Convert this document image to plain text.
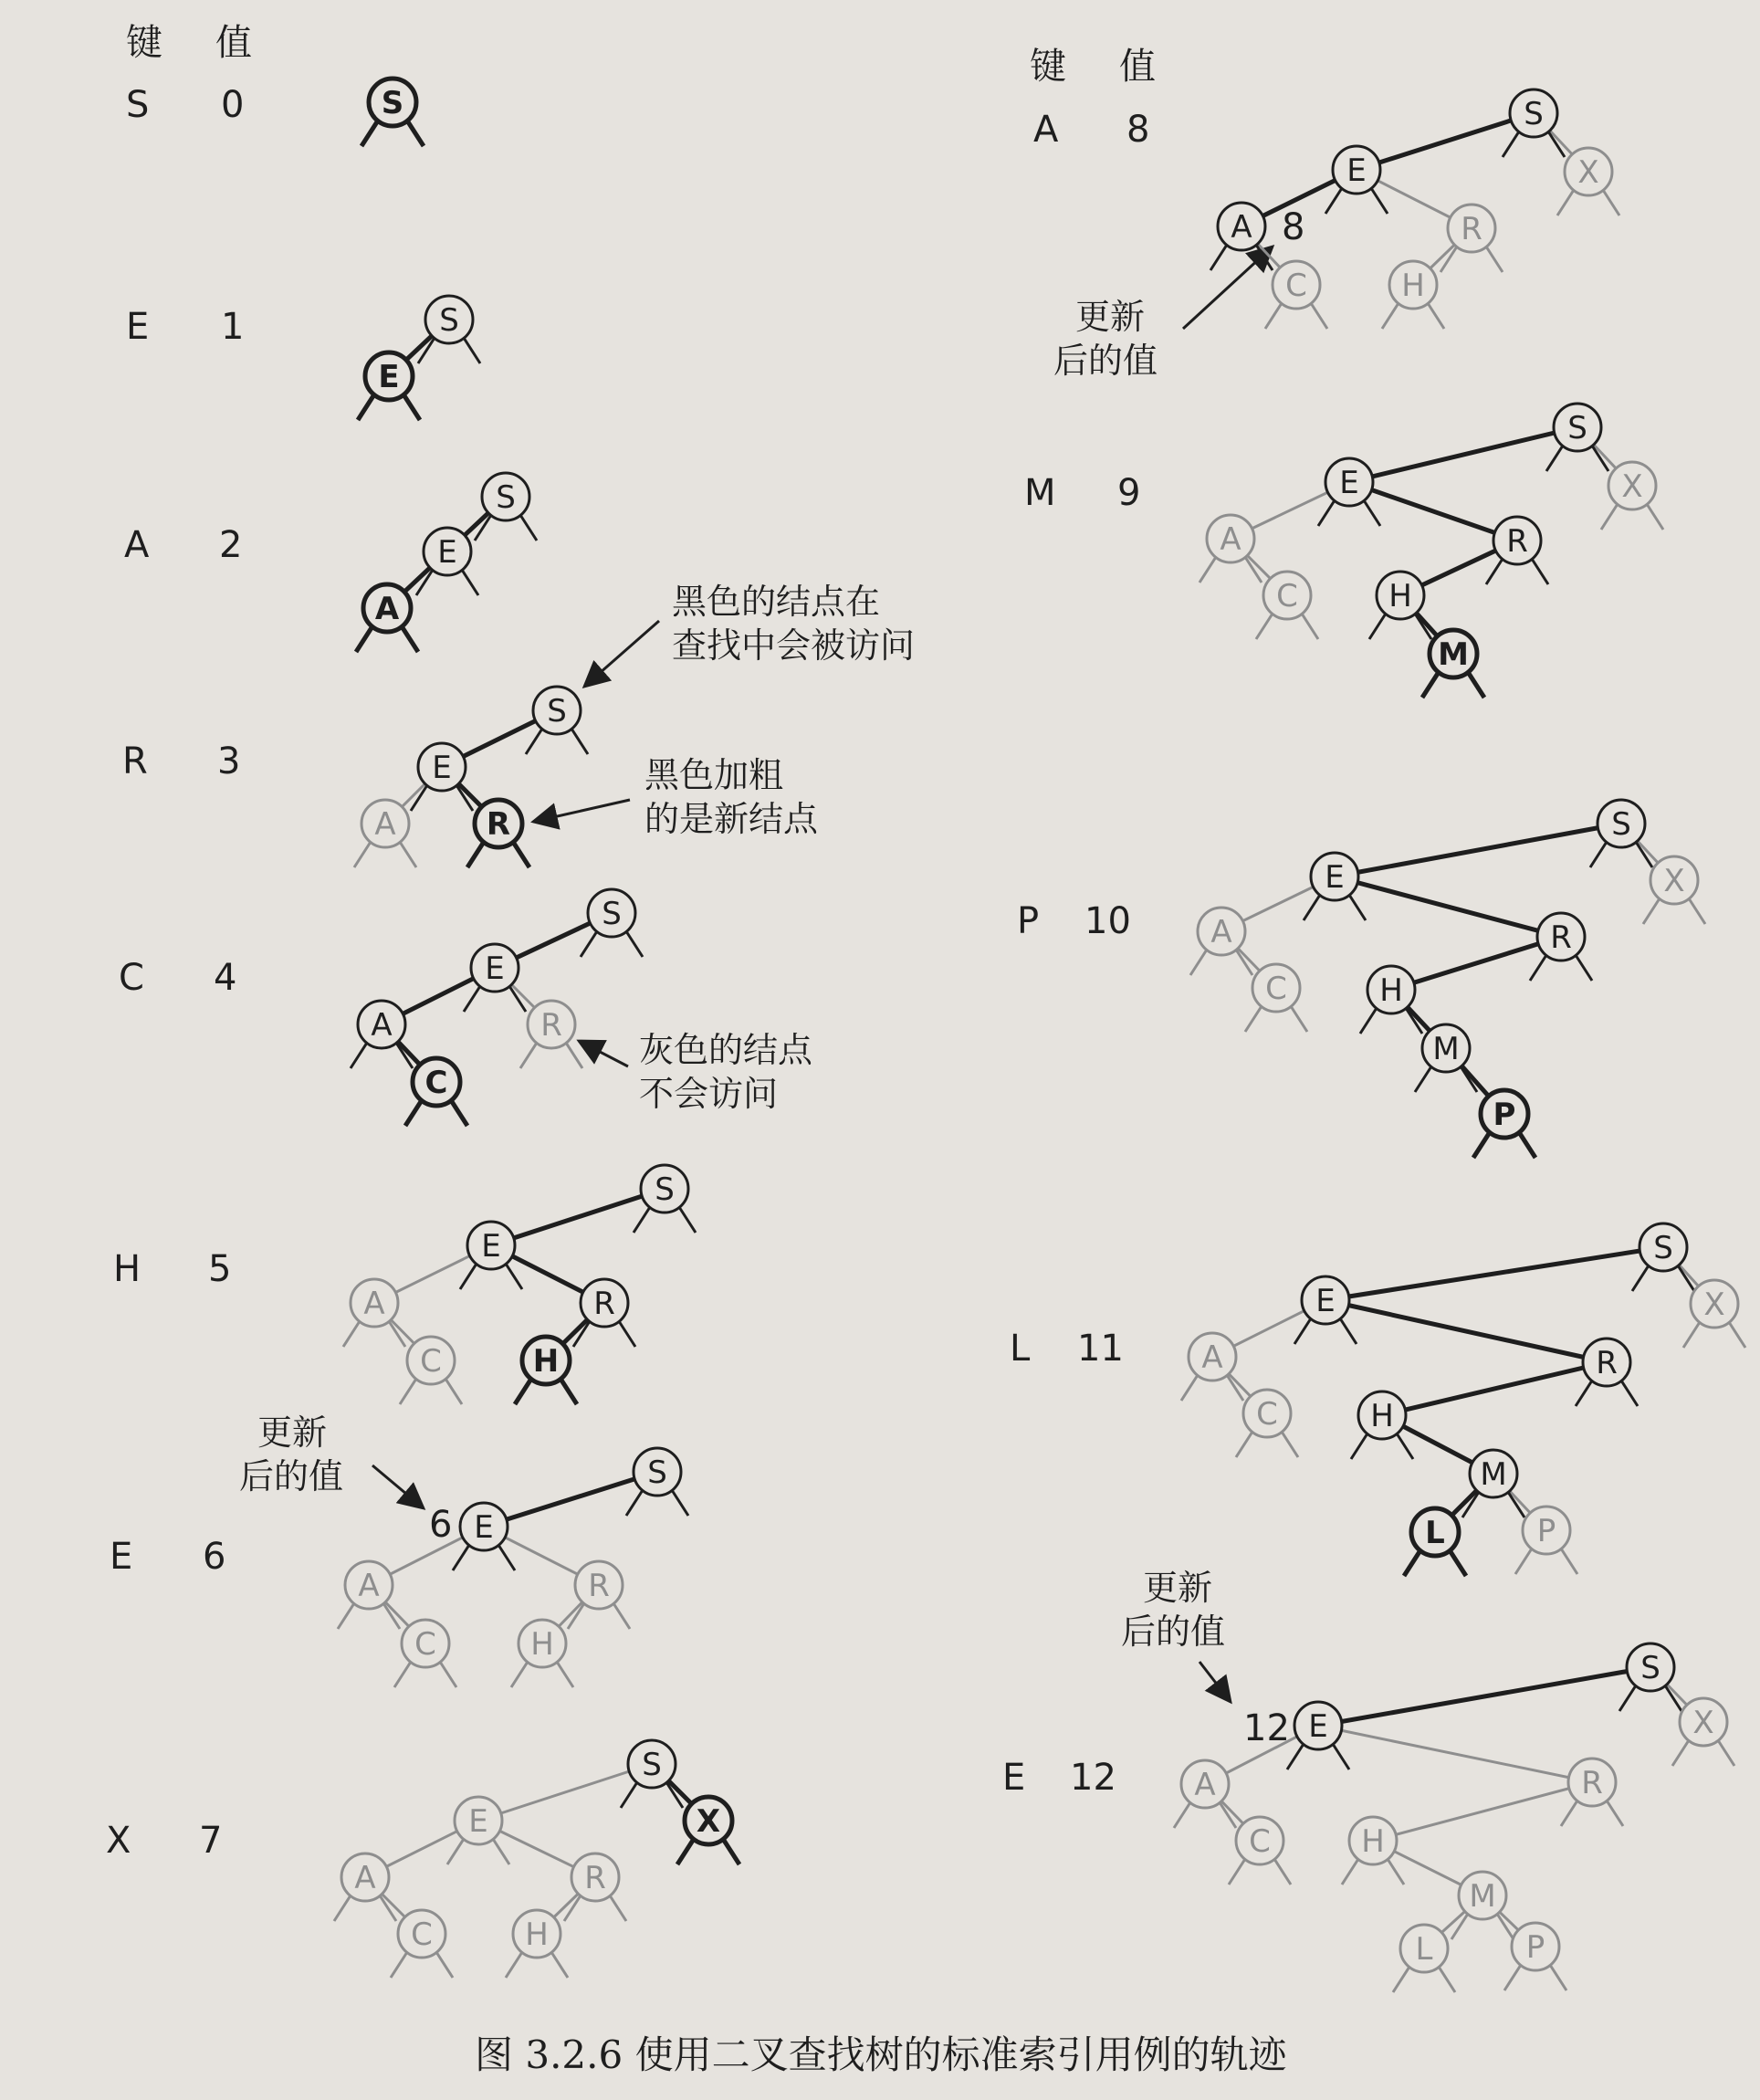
键 值
键 值
S 0
E 1
A 2
R 3
C 4
H 5
E 6
X 7
A 8
M 9
P 10
L 11
E 12
黑色的结点在查找中会被访问
黑色加粗的是新结点
灰色的结点不会访问
更新后的值
更新后的值
更新后的值
6
8
12
图 3.2.6 使用二叉查找树的标准索引用例的轨迹
S
S
E
S
E
A
S
E
A	R
S
E
A	R
C
S
E
A	R
C	H
S
E
A	R
C	H
S
E
A	R
C	H
X
S
E
A	R
C	H
X
S
E
A	R
C	H
X
M
S
E
A	R
C	H
X
M
P
S
E
A	R
C	H
X
M
P
L
S
E
A	R
C	H
X
M
P
L
